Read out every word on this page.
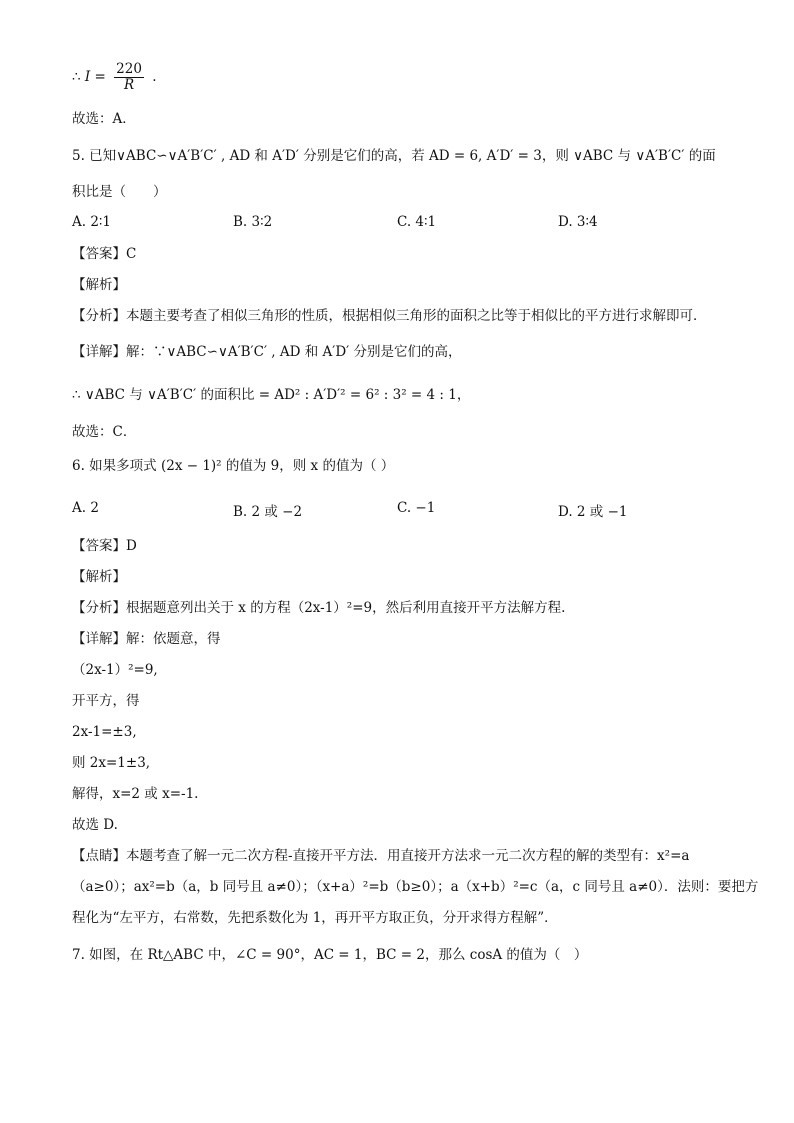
∴ $I = \frac{220}{R}$ .
故选：A．
5. 已知∨ABC∽∨A′B′C′ , AD 和 A′D′ 分别是它们的高，若 AD = 6, A′D′ = 3，则 ∨ABC 与 ∨A′B′C′ 的面
积比是（　　）
A. 2∶1	B. 3∶2	C. 4∶1	D. 3∶4
【答案】C
【解析】
【分析】本题主要考查了相似三角形的性质，根据相似三角形的面积之比等于相似比的平方进行求解即可．
【详解】解：∵∨ABC∽∨A′B′C′ , AD 和 A′D′ 分别是它们的高，
∴ ∨ABC 与 ∨A′B′C′ 的面积比 = AD² : A′D′² = 6² : 3² = 4 : 1，
故选：C．
6. 如果多项式 (2x − 1)² 的值为 9，则 x 的值为（ ）
A. 2	B. 2 或 −2	C. −1	D. 2 或 −1
【答案】D
【解析】
【分析】根据题意列出关于 x 的方程（2x-1）²=9，然后利用直接开平方法解方程.
【详解】解：依题意，得
（2x-1）²=9,
开平方，得
2x-1=±3,
则 2x=1±3,
解得，x=2 或 x=-1.
故选 D.
【点睛】本题考查了解一元二次方程-直接开平方法．用直接开方法求一元二次方程的解的类型有：x²=a
（a≥0）；ax²=b（a，b 同号且 a≠0）；（x+a）²=b（b≥0）；a（x+b）²=c（a，c 同号且 a≠0）．法则：要把方
程化为“左平方，右常数，先把系数化为 1，再开平方取正负，分开求得方程解”．
7. 如图，在 Rt△ABC 中，∠C = 90°，AC = 1，BC = 2，那么 cosA 的值为（　）
